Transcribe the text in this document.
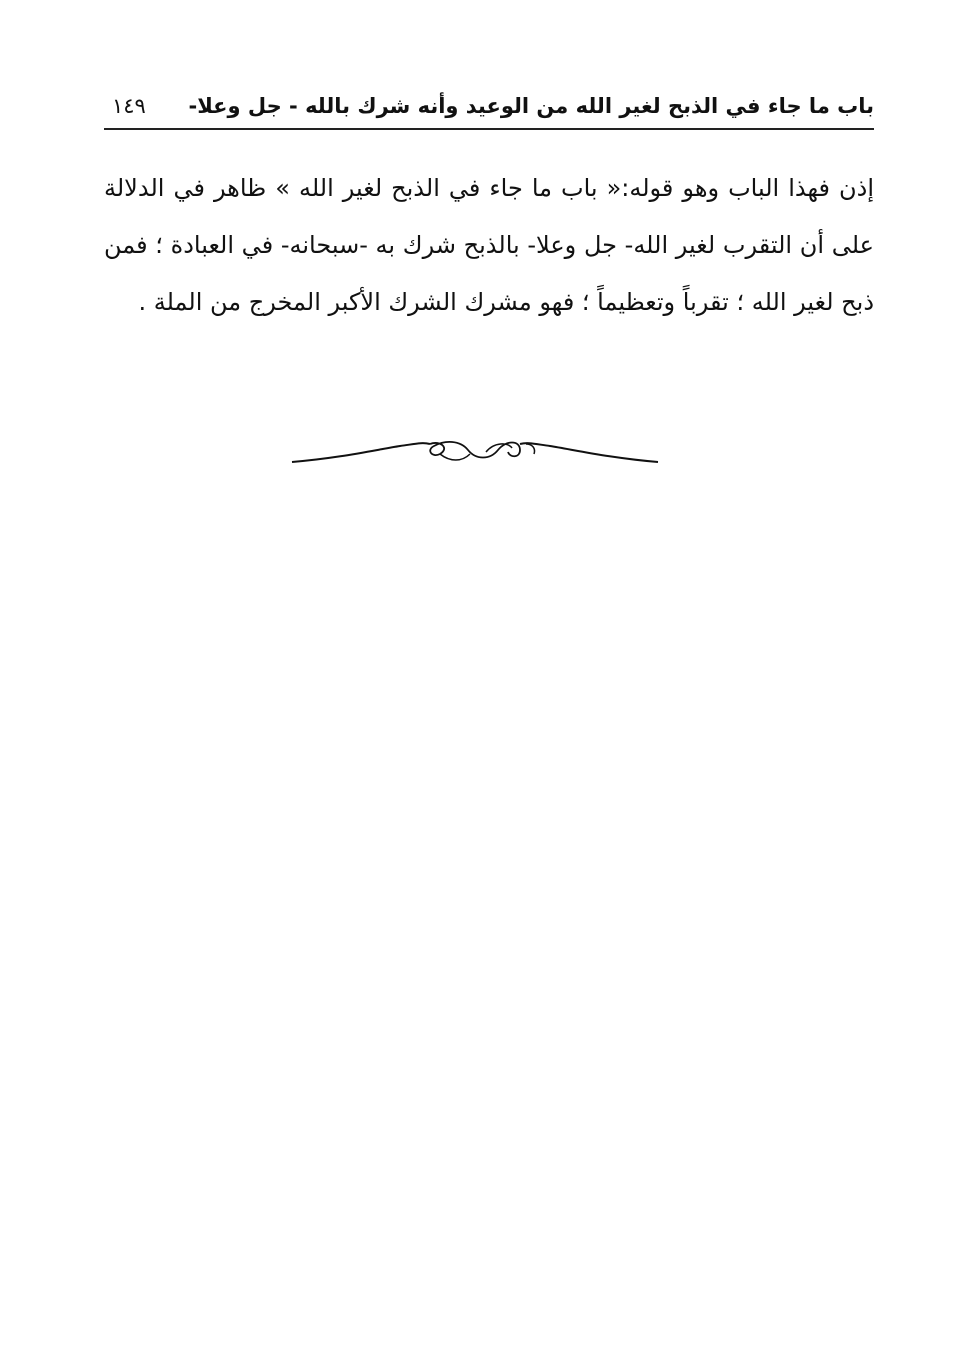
باب ما جاء في الذبح لغير الله من الوعيد وأنه شرك بالله - جل وعلا-
١٤٩

إذن فهذا الباب وهو قوله:« باب ما جاء في الذبح لغير الله » ظاهر في الدلالة على أن التقرب لغير الله- جل وعلا- بالذبح شرك به -سبحانه- في العبادة ؛ فمن ذبح لغير الله ؛ تقرباً وتعظيماً ؛ فهو مشرك الشرك الأكبر المخرج من الملة .
